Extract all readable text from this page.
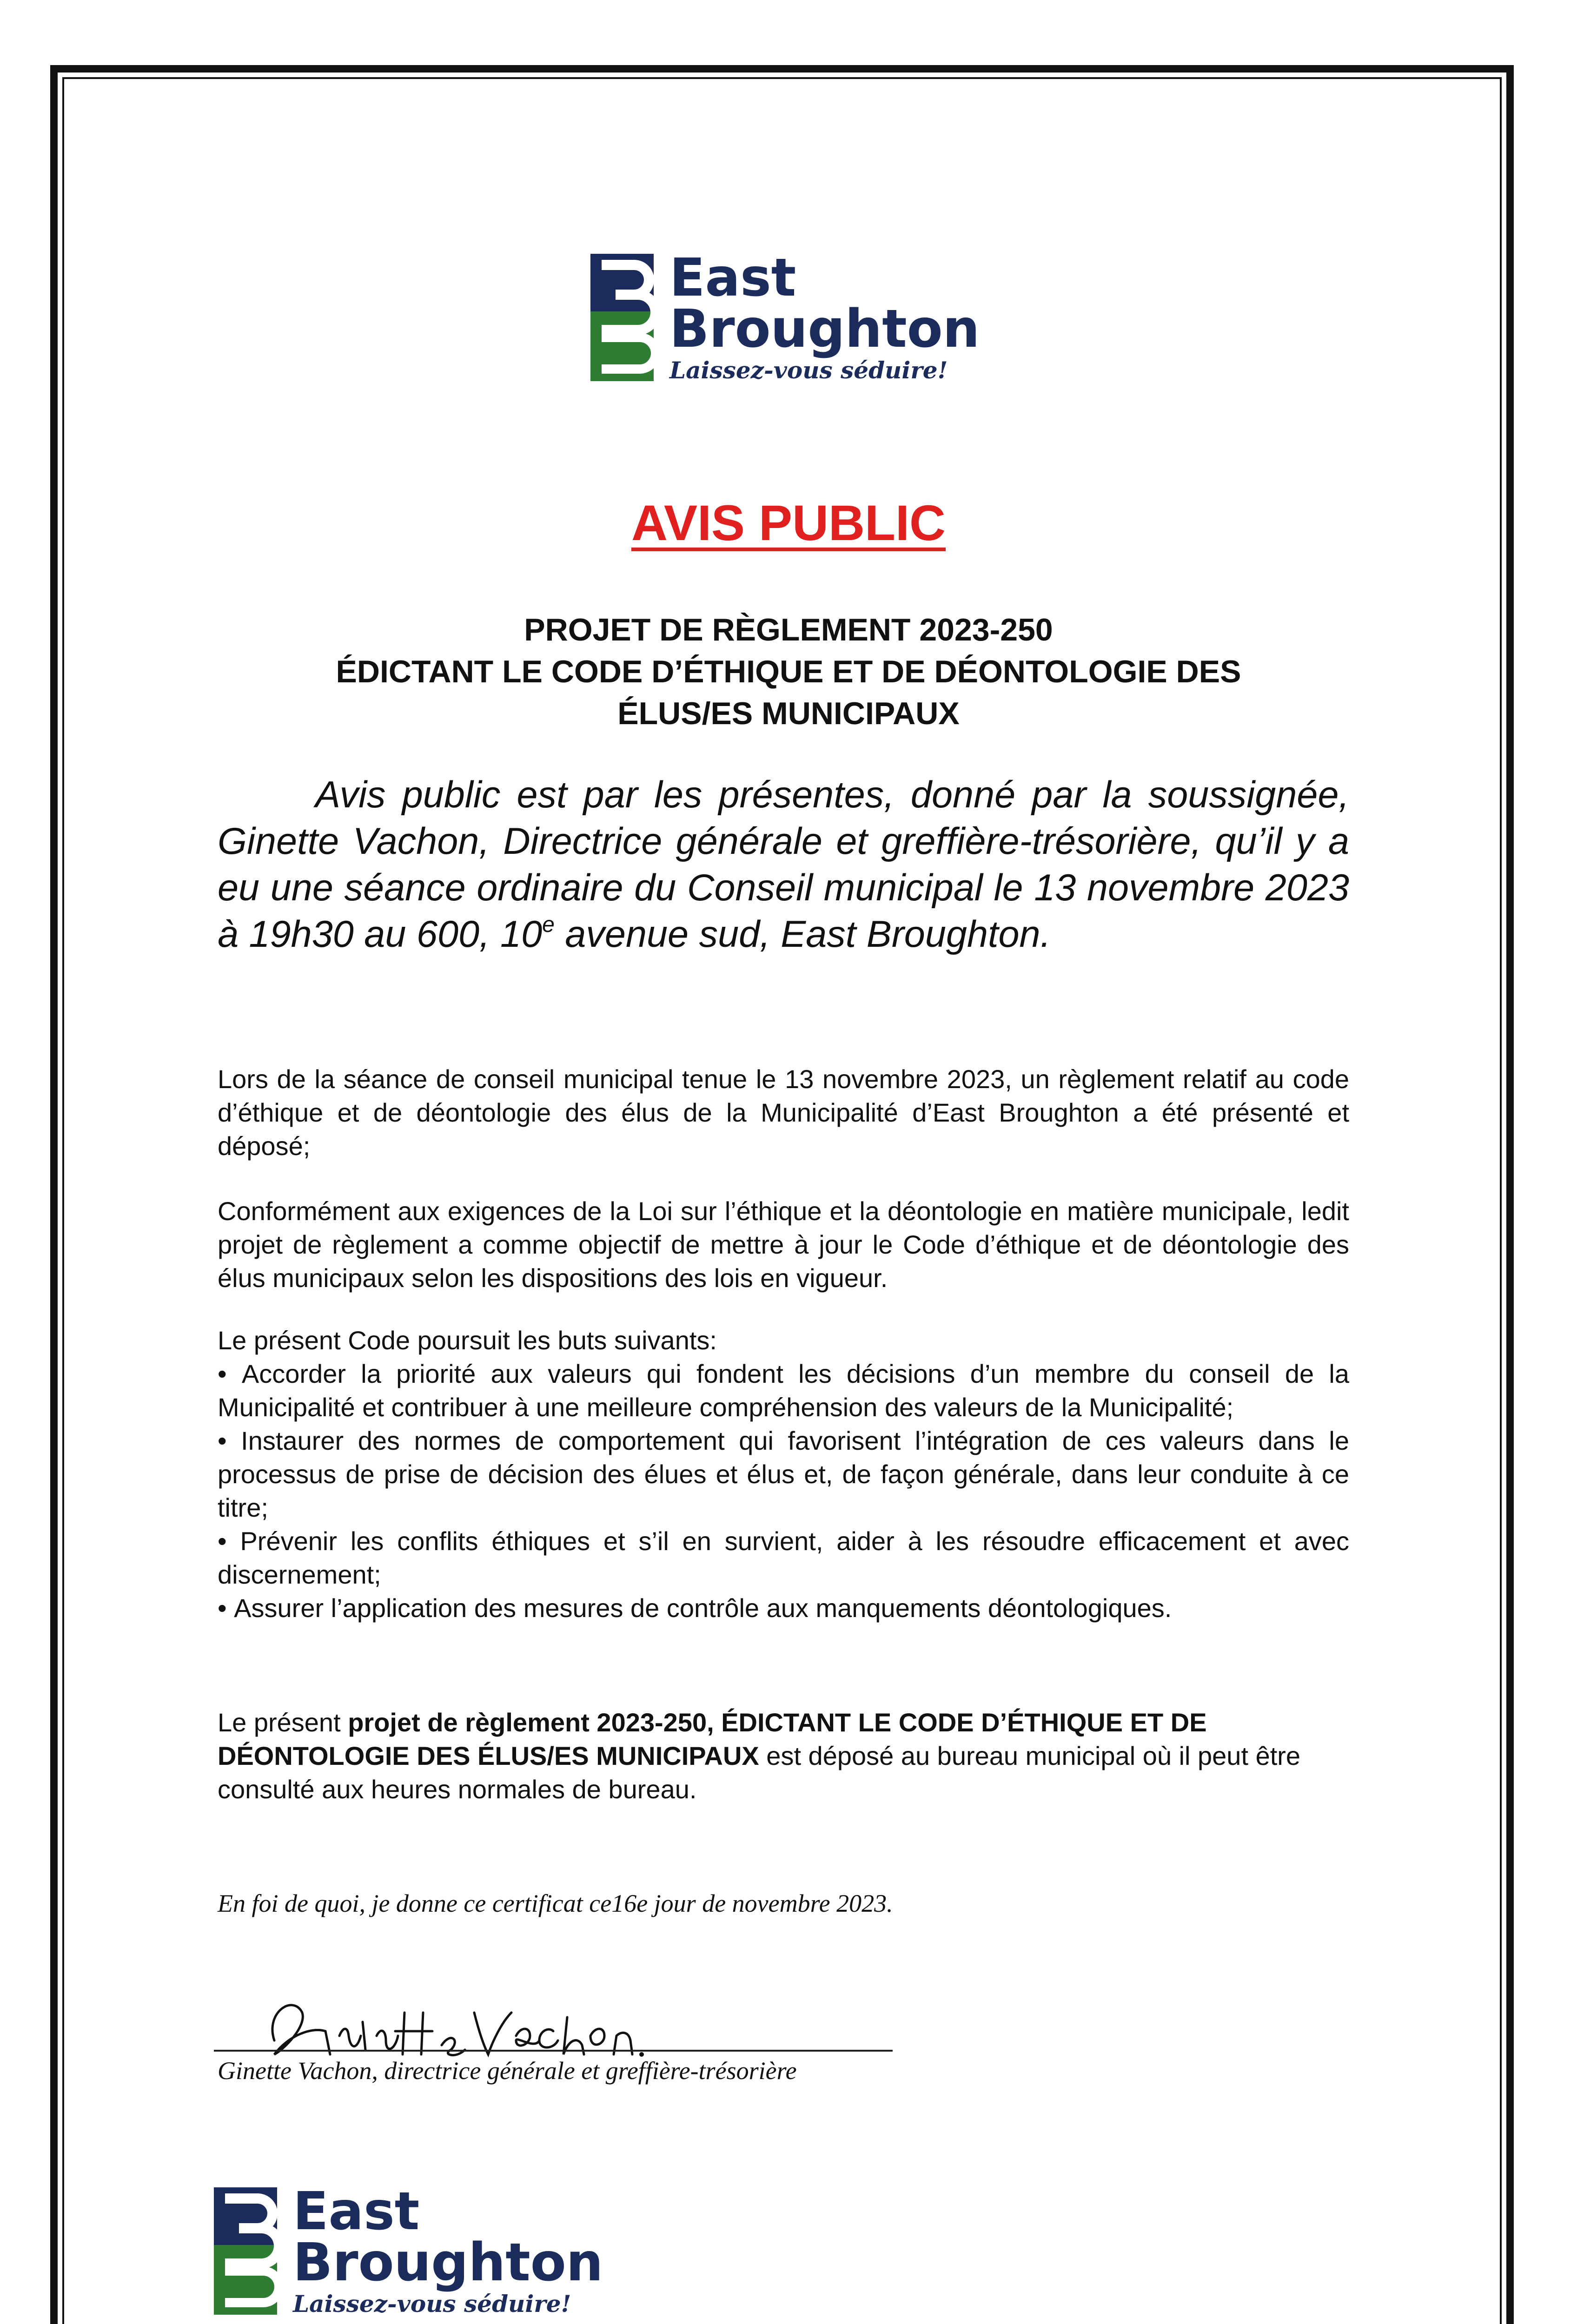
East
Broughton
Laissez-vous séduire!
AVIS PUBLIC
PROJET DE RÈGLEMENT 2023-250
ÉDICTANT LE CODE D’ÉTHIQUE ET DE DÉONTOLOGIE DES
ÉLUS/ES MUNICIPAUX

Avis public est par les présentes, donné par la soussignée, Ginette Vachon, Directrice générale et greffière-trésorière, qu’il y a eu une séance ordinaire du Conseil municipal le 13 novembre 2023 à 19h30 au 600, 10e avenue sud, East Broughton.

Lors de la séance de conseil municipal tenue le 13 novembre 2023, un règlement relatif au code d’éthique et de déontologie des élus de la Municipalité d’East Broughton a été présenté et déposé;

Conformément aux exigences de la Loi sur l’éthique et la déontologie en matière municipale, ledit projet de règlement a comme objectif de mettre à jour le Code d’éthique et de déontologie des élus municipaux selon les dispositions des lois en vigueur.

Le présent Code poursuit les buts suivants:

• Accorder la priorité aux valeurs qui fondent les décisions d’un membre du conseil de la Municipalité et contribuer à une meilleure compréhension des valeurs de la Municipalité;
• Instaurer des normes de comportement qui favorisent l’intégration de ces valeurs dans le processus de prise de décision des élues et élus et, de façon générale, dans leur conduite à ce titre;
• Prévenir les conflits éthiques et s’il en survient, aider à les résoudre efficacement et avec discernement;
• Assurer l’application des mesures de contrôle aux manquements déontologiques.

Le présent projet de règlement 2023-250, ÉDICTANT LE CODE D’ÉTHIQUE ET DE DÉONTOLOGIE DES ÉLUS/ES MUNICIPAUX est déposé au bureau municipal où il peut être consulté aux heures normales de bureau.

En foi de quoi, je donne ce certificat ce16e jour de novembre 2023.

Ginette Vachon, directrice générale et greffière-trésorière

East
Broughton
Laissez-vous séduire!
